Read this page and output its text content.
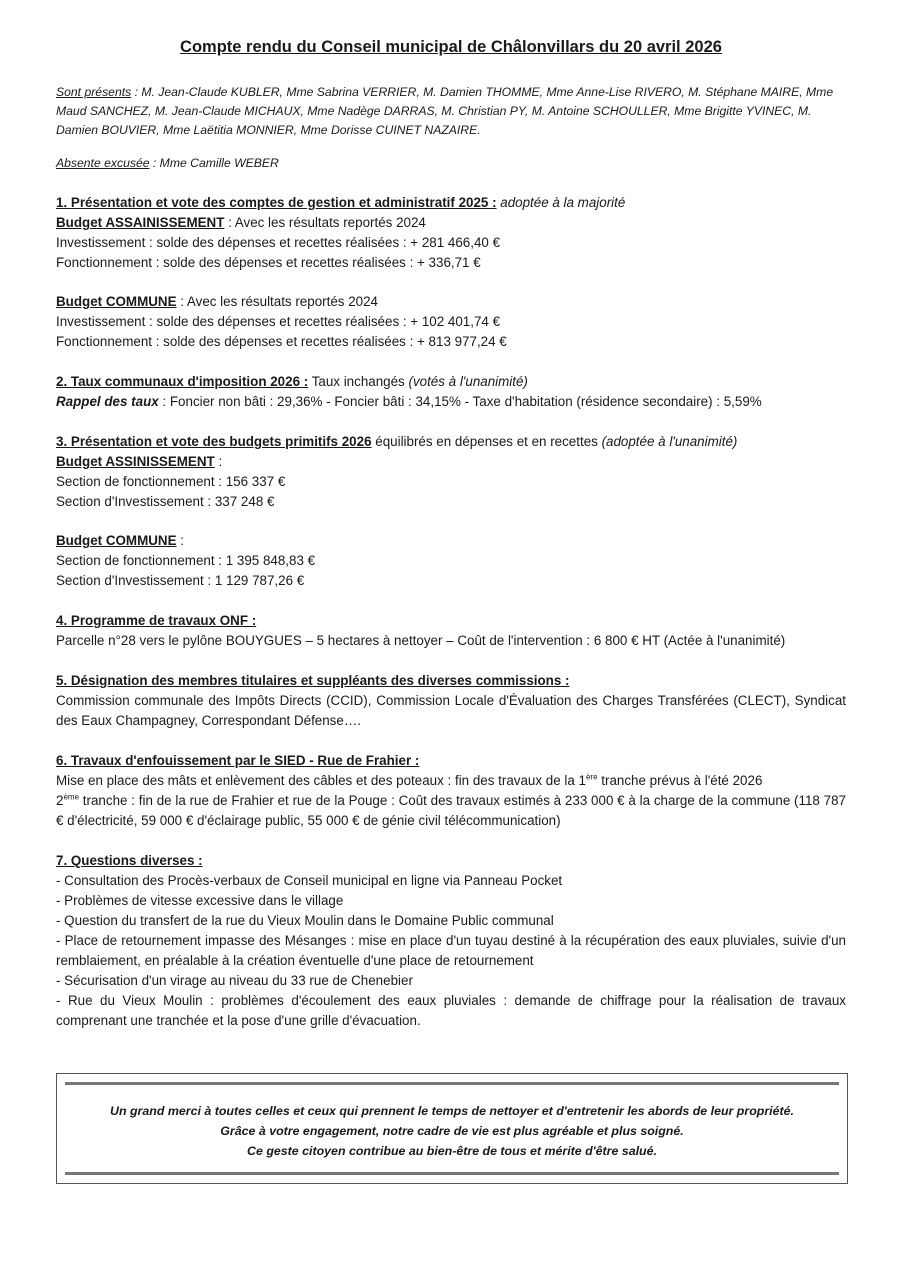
Compte rendu du Conseil municipal de Châlonvillars du 20 avril 2026

Sont présents : M. Jean-Claude KUBLER, Mme Sabrina VERRIER, M. Damien THOMME, Mme Anne-Lise RIVERO, M. Stéphane MAIRE, Mme Maud SANCHEZ, M. Jean-Claude MICHAUX, Mme Nadège DARRAS, M. Christian PY, M. Antoine SCHOULLER, Mme Brigitte YVINEC, M. Damien BOUVIER, Mme Laëtitia MONNIER, Mme Dorisse CUINET NAZAIRE.

Absente excusée : Mme Camille WEBER

1. Présentation et vote des comptes de gestion et administratif 2025 : adoptée à la majorité

Budget ASSAINISSEMENT : Avec les résultats reportés 2024

Investissement : solde des dépenses et recettes réalisées : + 281 466,40 €

Fonctionnement : solde des dépenses et recettes réalisées : + 336,71 €

Budget COMMUNE : Avec les résultats reportés 2024

Investissement : solde des dépenses et recettes réalisées : + 102 401,74 €

Fonctionnement : solde des dépenses et recettes réalisées : + 813 977,24 €

2. Taux communaux d'imposition 2026 : Taux inchangés (votés à l'unanimité)

Rappel des taux : Foncier non bâti : 29,36% - Foncier bâti : 34,15% - Taxe d'habitation (résidence secondaire) : 5,59%

3. Présentation et vote des budgets primitifs 2026 équilibrés en dépenses et en recettes (adoptée à l'unanimité)

Budget ASSINISSEMENT :

Section de fonctionnement : 156 337 €

Section d'Investissement : 337 248 €

Budget COMMUNE :

Section de fonctionnement : 1 395 848,83 €

Section d'Investissement : 1 129 787,26 €

4. Programme de travaux ONF :

Parcelle n°28 vers le pylône BOUYGUES – 5 hectares à nettoyer – Coût de l'intervention : 6 800 € HT (Actée à l'unanimité)

5. Désignation des membres titulaires et suppléants des diverses commissions :

Commission communale des Impôts Directs (CCID), Commission Locale d'Évaluation des Charges Transférées (CLECT), Syndicat des Eaux Champagney, Correspondant Défense….

6. Travaux d'enfouissement par le SIED - Rue de Frahier :

Mise en place des mâts et enlèvement des câbles et des poteaux : fin des travaux de la 1ère tranche prévus à l'été 2026

2ème tranche : fin de la rue de Frahier et rue de la Pouge : Coût des travaux estimés à 233 000 € à la charge de la commune (118 787 € d'électricité, 59 000 € d'éclairage public, 55 000 € de génie civil télécommunication)

7. Questions diverses :

- Consultation des Procès-verbaux de Conseil municipal en ligne via Panneau Pocket

- Problèmes de vitesse excessive dans le village

- Question du transfert de la rue du Vieux Moulin dans le Domaine Public communal

- Place de retournement impasse des Mésanges : mise en place d'un tuyau destiné à la récupération des eaux pluviales, suivie d'un remblaiement, en préalable à la création éventuelle d'une place de retournement

- Sécurisation d'un virage au niveau du 33 rue de Chenebier

- Rue du Vieux Moulin : problèmes d'écoulement des eaux pluviales : demande de chiffrage pour la réalisation de travaux comprenant une tranchée et la pose d'une grille d'évacuation.

Un grand merci à toutes celles et ceux qui prennent le temps de nettoyer et d'entretenir les abords de leur propriété.
Grâce à votre engagement, notre cadre de vie est plus agréable et plus soigné.
Ce geste citoyen contribue au bien-être de tous et mérite d'être salué.
